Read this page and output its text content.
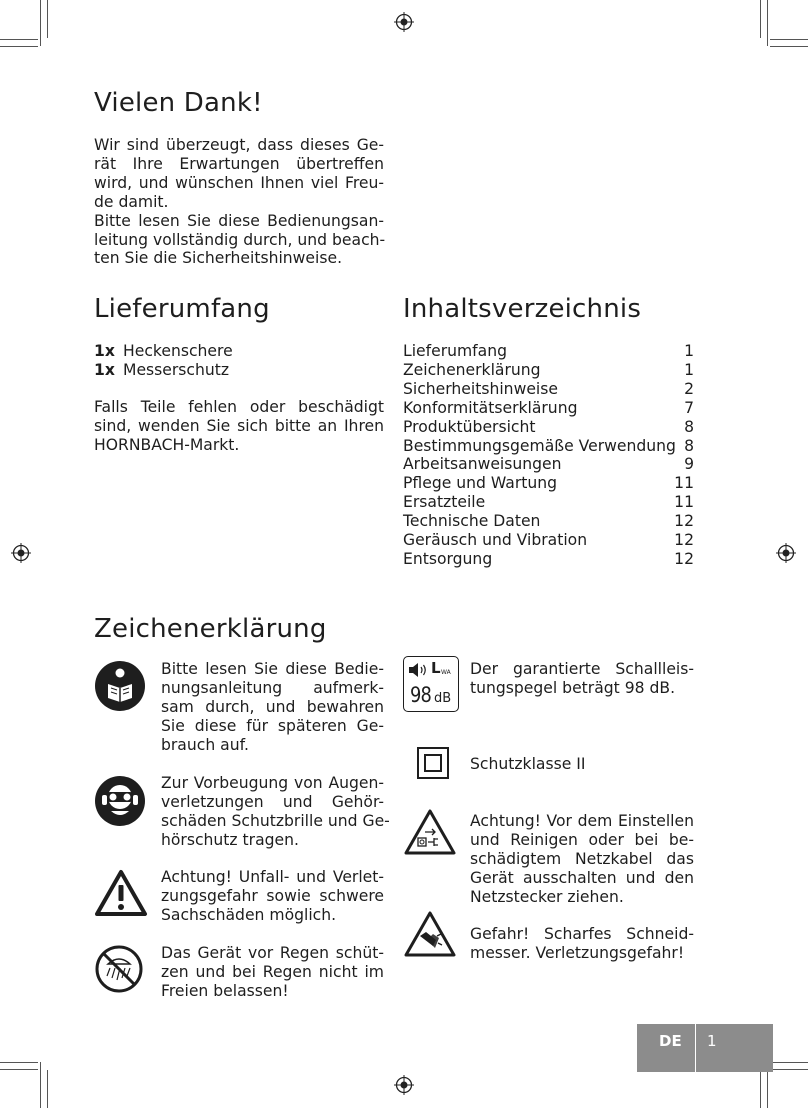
Vielen Dank!
Wir sind überzeugt, dass dieses Ge-
rät Ihre Erwartungen übertreffen
wird, und wünschen Ihnen viel Freu-
de damit.
Bitte lesen Sie diese Bedienungsan-
leitung vollständig durch, und beach-
ten Sie die Sicherheitshinweise.
Lieferumfang
1x Heckenschere
1x Messerschutz
Falls Teile fehlen oder beschädigt
sind, wenden Sie sich bitte an Ihren
HORNBACH-Markt.
Inhaltsverzeichnis
Lieferumfang	1
Zeichenerklärung	1
Sicherheitshinweise	2
Konformitätserklärung	7
Produktübersicht	8
Bestimmungsgemäße Verwendung 8
Arbeitsanweisungen	9
Pflege und Wartung	11
Ersatzteile	11
Technische Daten	12
Geräusch und Vibration	12
Entsorgung	12
Zeichenerklärung
Bitte lesen Sie diese Bedie-
nungsanleitung aufmerk-
sam durch, und bewahren
Sie diese für späteren Ge-
brauch auf.
Zur Vorbeugung von Augen-
verletzungen und Gehör-
schäden Schutzbrille und Ge-
hörschutz tragen.
Achtung! Unfall- und Verlet-
zungsgefahr sowie schwere
Sachschäden möglich.
Das Gerät vor Regen schüt-
zen und bei Regen nicht im
Freien belassen!
L WA
98 dB
Der garantierte Schallleis-
tungspegel beträgt 98 dB.
Schutzklasse II
Achtung! Vor dem Einstellen
und Reinigen oder bei be-
schädigtem Netzkabel das
Gerät ausschalten und den
Netzstecker ziehen.
Gefahr! Scharfes Schneid-
messer. Verletzungsgefahr!
DE 1
